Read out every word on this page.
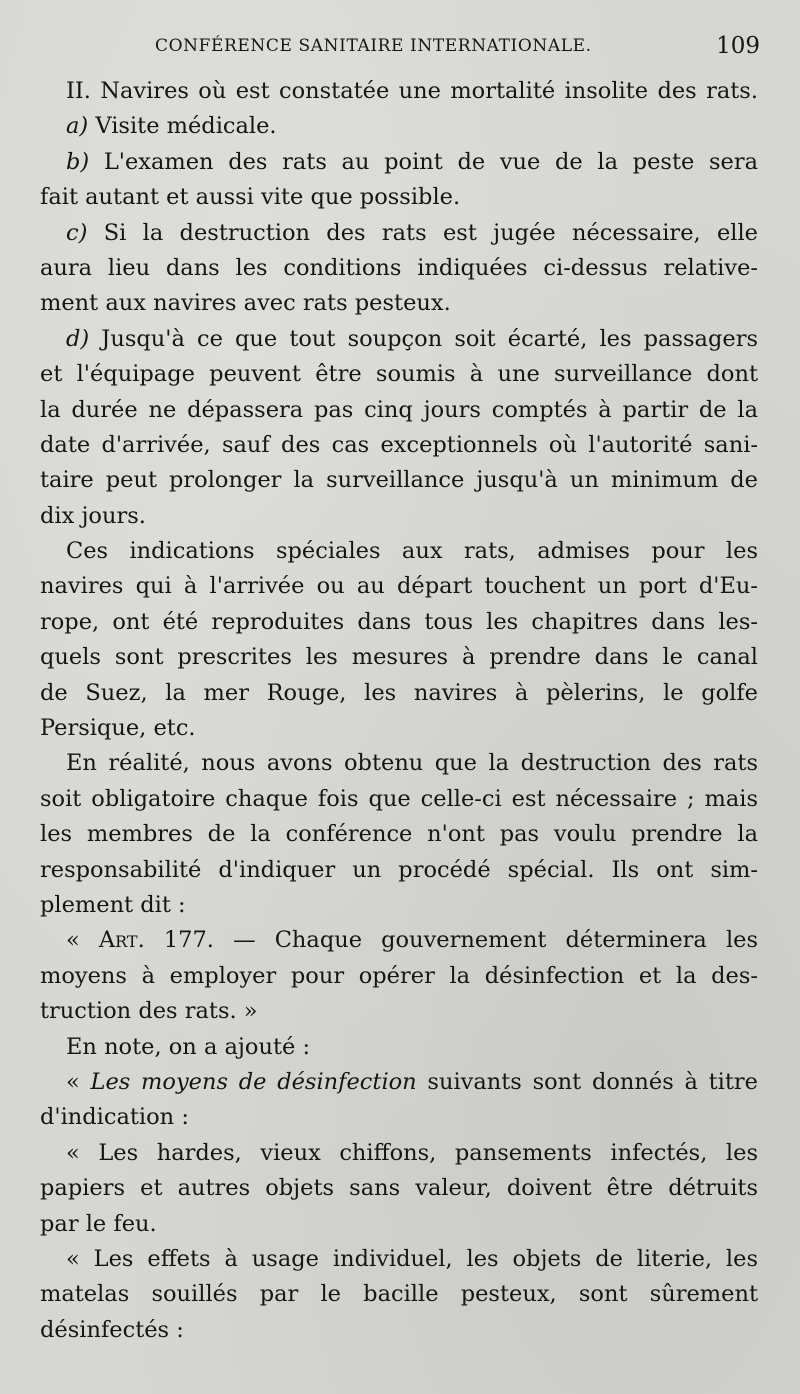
CONFÉRENCE SANITAIRE INTERNATIONALE.	109
II. Navires où est constatée une mortalité insolite des rats.
a) Visite médicale.
b) L'examen des rats au point de vue de la peste sera
fait autant et aussi vite que possible.
c) Si la destruction des rats est jugée nécessaire, elle
aura lieu dans les conditions indiquées ci-dessus relative-
ment aux navires avec rats pesteux.
d) Jusqu'à ce que tout soupçon soit écarté, les passagers
et l'équipage peuvent être soumis à une surveillance dont
la durée ne dépassera pas cinq jours comptés à partir de la
date d'arrivée, sauf des cas exceptionnels où l'autorité sani-
taire peut prolonger la surveillance jusqu'à un minimum de
dix jours.
Ces indications spéciales aux rats, admises pour les
navires qui à l'arrivée ou au départ touchent un port d'Eu-
rope, ont été reproduites dans tous les chapitres dans les-
quels sont prescrites les mesures à prendre dans le canal
de Suez, la mer Rouge, les navires à pèlerins, le golfe
Persique, etc.
En réalité, nous avons obtenu que la destruction des rats
soit obligatoire chaque fois que celle-ci est nécessaire ; mais
les membres de la conférence n'ont pas voulu prendre la
responsabilité d'indiquer un procédé spécial. Ils ont sim-
plement dit :
« Art. 177. — Chaque gouvernement déterminera les
moyens à employer pour opérer la désinfection et la des-
truction des rats. »
En note, on a ajouté :
« Les moyens de désinfection suivants sont donnés à titre
d'indication :
« Les hardes, vieux chiffons, pansements infectés, les
papiers et autres objets sans valeur, doivent être détruits
par le feu.
« Les effets à usage individuel, les objets de literie, les
matelas souillés par le bacille pesteux, sont sûrement
désinfectés :
